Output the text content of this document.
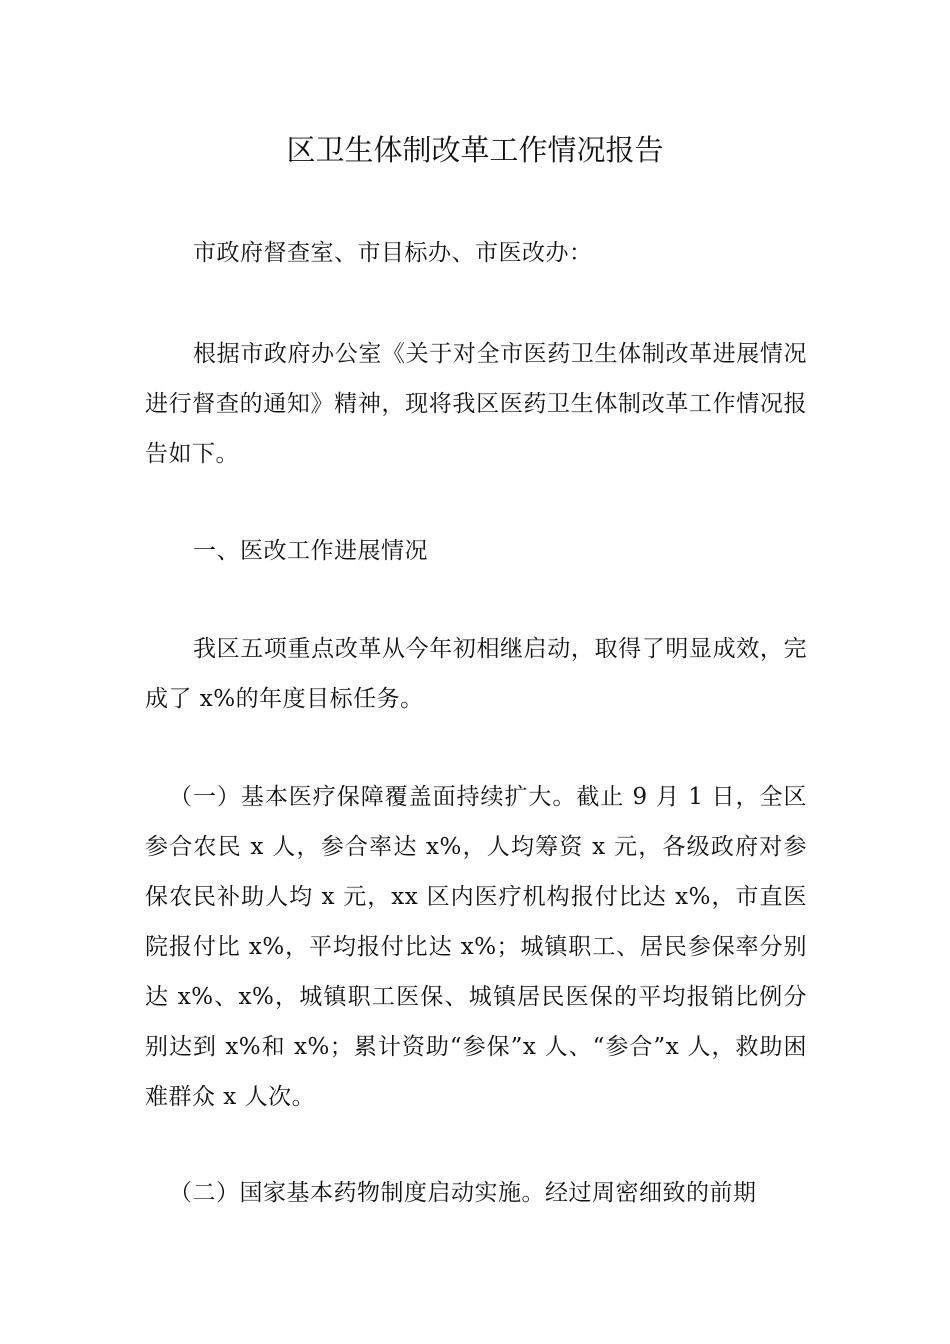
区卫生体制改革工作情况报告

市政府督查室、市目标办、市医改办：

根据市政府办公室《关于对全市医药卫生体制改革进展情况进行督查的通知》精神，现将我区医药卫生体制改革工作情况报告如下。

一、医改工作进展情况

我区五项重点改革从今年初相继启动，取得了明显成效，完成了 x%的年度目标任务。

（一）基本医疗保障覆盖面持续扩大。截止 9 月 1 日，全区参合农民 x 人，参合率达 x%，人均筹资 x 元，各级政府对参保农民补助人均 x 元，xx 区内医疗机构报付比达 x%，市直医院报付比 x%，平均报付比达 x%；城镇职工、居民参保率分别达 x%、x%，城镇职工医保、城镇居民医保的平均报销比例分别达到 x%和 x%；累计资助“参保”x 人、“参合”x 人，救助困难群众 x 人次。

（二）国家基本药物制度启动实施。经过周密细致的前期
